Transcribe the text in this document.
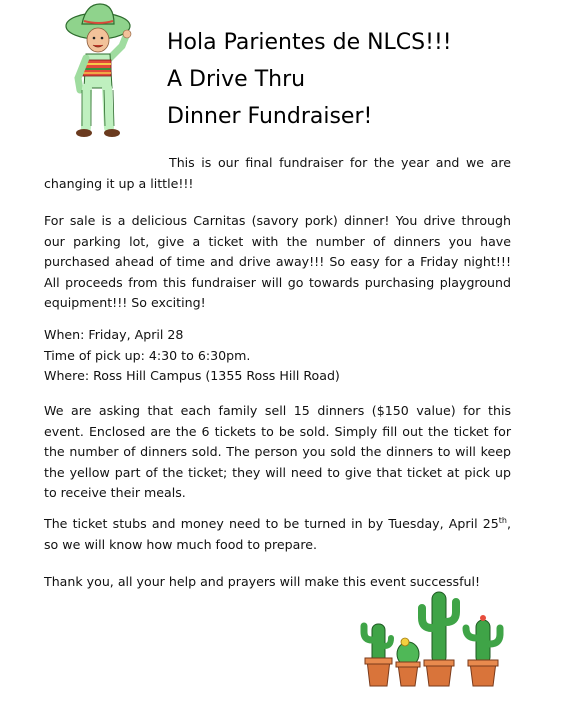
Hola Parientes de NLCS!!!
A Drive Thru
Dinner Fundraiser!

This is our final fundraiser for the year and we are changing it up a little!!!

For sale is a delicious Carnitas (savory pork) dinner! You drive through our parking lot, give a ticket with the number of dinners you have purchased ahead of time and drive away!!! So easy for a Friday night!!! All proceeds from this fundraiser will go towards purchasing playground equipment!!! So exciting!

When: Friday, April 28
Time of pick up: 4:30 to 6:30pm.
Where: Ross Hill Campus (1355 Ross Hill Road)

We are asking that each family sell 15 dinners ($150 value) for this event. Enclosed are the 6 tickets to be sold. Simply fill out the ticket for the number of dinners sold. The person you sold the dinners to will keep the yellow part of the ticket; they will need to give that ticket at pick up to receive their meals.

The ticket stubs and money need to be turned in by Tuesday, April 25th, so we will know how much food to prepare.

Thank you, all your help and prayers will make this event successful!
